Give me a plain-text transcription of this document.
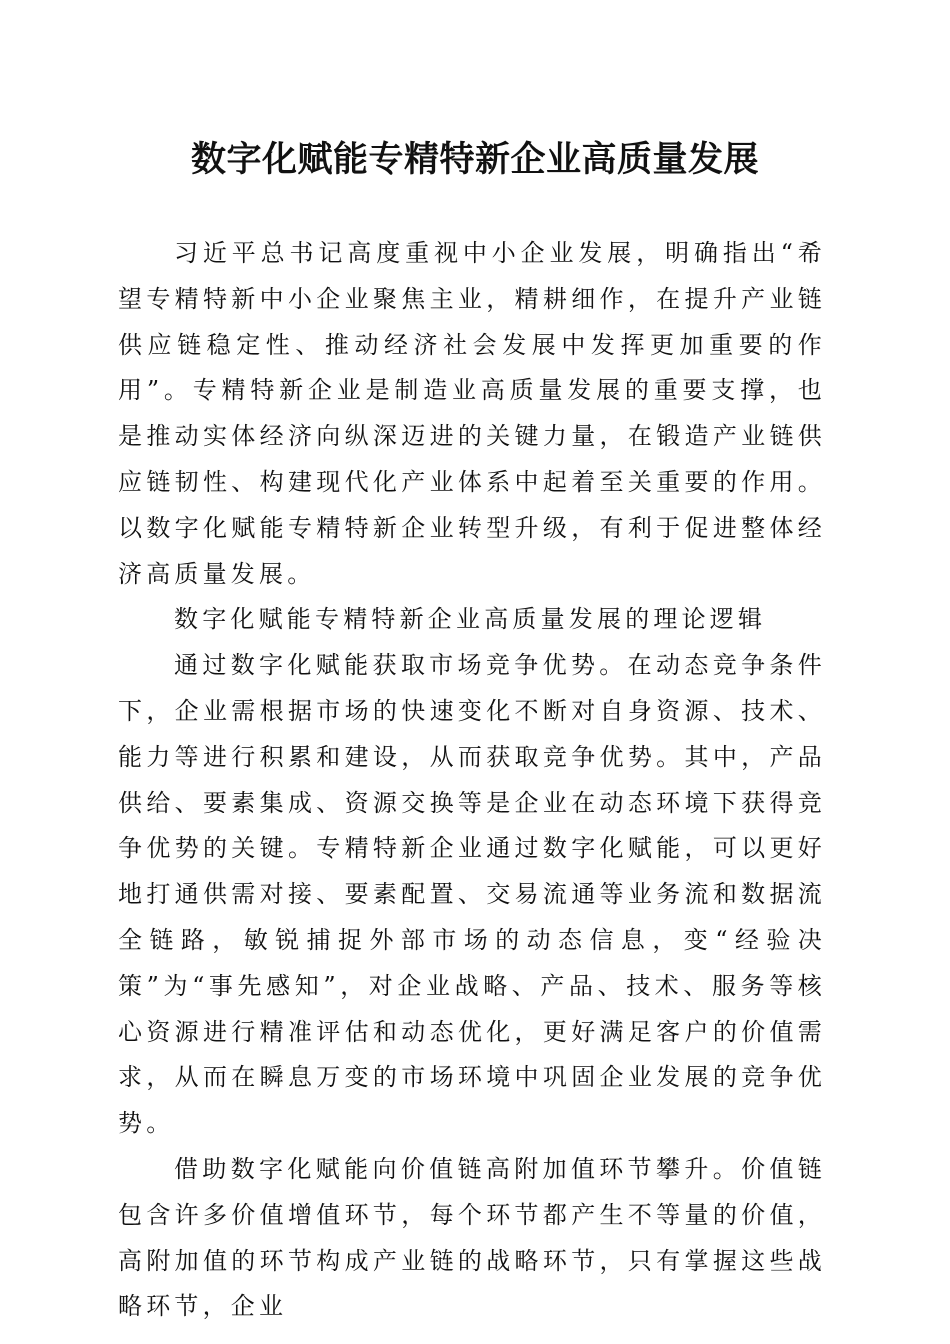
数字化赋能专精特新企业高质量发展

习近平总书记高度重视中小企业发展，明确指出“希望专精特新中小企业聚焦主业，精耕细作，在提升产业链供应链稳定性、推动经济社会发展中发挥更加重要的作用”。专精特新企业是制造业高质量发展的重要支撑，也是推动实体经济向纵深迈进的关键力量，在锻造产业链供应链韧性、构建现代化产业体系中起着至关重要的作用。以数字化赋能专精特新企业转型升级，有利于促进整体经济高质量发展。

数字化赋能专精特新企业高质量发展的理论逻辑

通过数字化赋能获取市场竞争优势。在动态竞争条件下，企业需根据市场的快速变化不断对自身资源、技术、能力等进行积累和建设，从而获取竞争优势。其中，产品供给、要素集成、资源交换等是企业在动态环境下获得竞争优势的关键。专精特新企业通过数字化赋能，可以更好地打通供需对接、要素配置、交易流通等业务流和数据流全链路，敏锐捕捉外部市场的动态信息，变“经验决策”为“事先感知”，对企业战略、产品、技术、服务等核心资源进行精准评估和动态优化，更好满足客户的价值需求，从而在瞬息万变的市场环境中巩固企业发展的竞争优势。

借助数字化赋能向价值链高附加值环节攀升。价值链包含许多价值增值环节，每个环节都产生不等量的价值，高附加值的环节构成产业链的战略环节，只有掌握这些战略环节，企业
